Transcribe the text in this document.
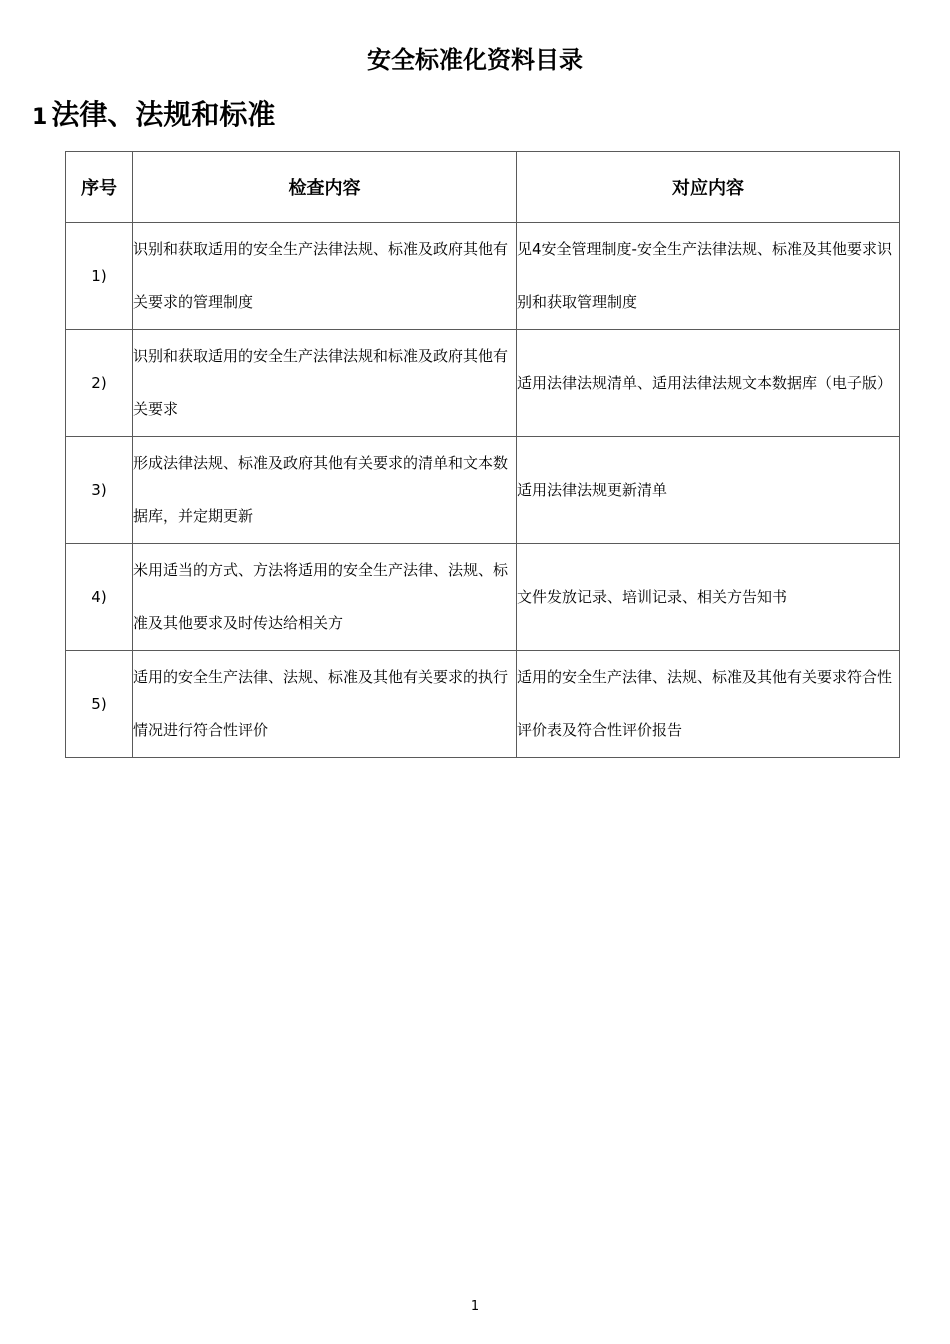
安全标准化资料目录
1 法律、法规和标准
序号	检查内容	对应内容
1)	识别和获取适用的安全生产法律法规、标准及政府其他有关要求的管理制度	见4安全管理制度-安全生产法律法规、标准及其他要求识别和获取管理制度
2)	识别和获取适用的安全生产法律法规和标准及政府其他有关要求	适用法律法规清单、适用法律法规文本数据库（电子版）
3)	形成法律法规、标准及政府其他有关要求的清单和文本数据库，并定期更新	适用法律法规更新清单
4)	米用适当的方式、方法将适用的安全生产法律、法规、标准及其他要求及时传达给相关方	文件发放记录、培训记录、相关方告知书
5)	适用的安全生产法律、法规、标准及其他有关要求的执行情况进行符合性评价	适用的安全生产法律、法规、标准及其他有关要求符合性评价表及符合性评价报告
1
